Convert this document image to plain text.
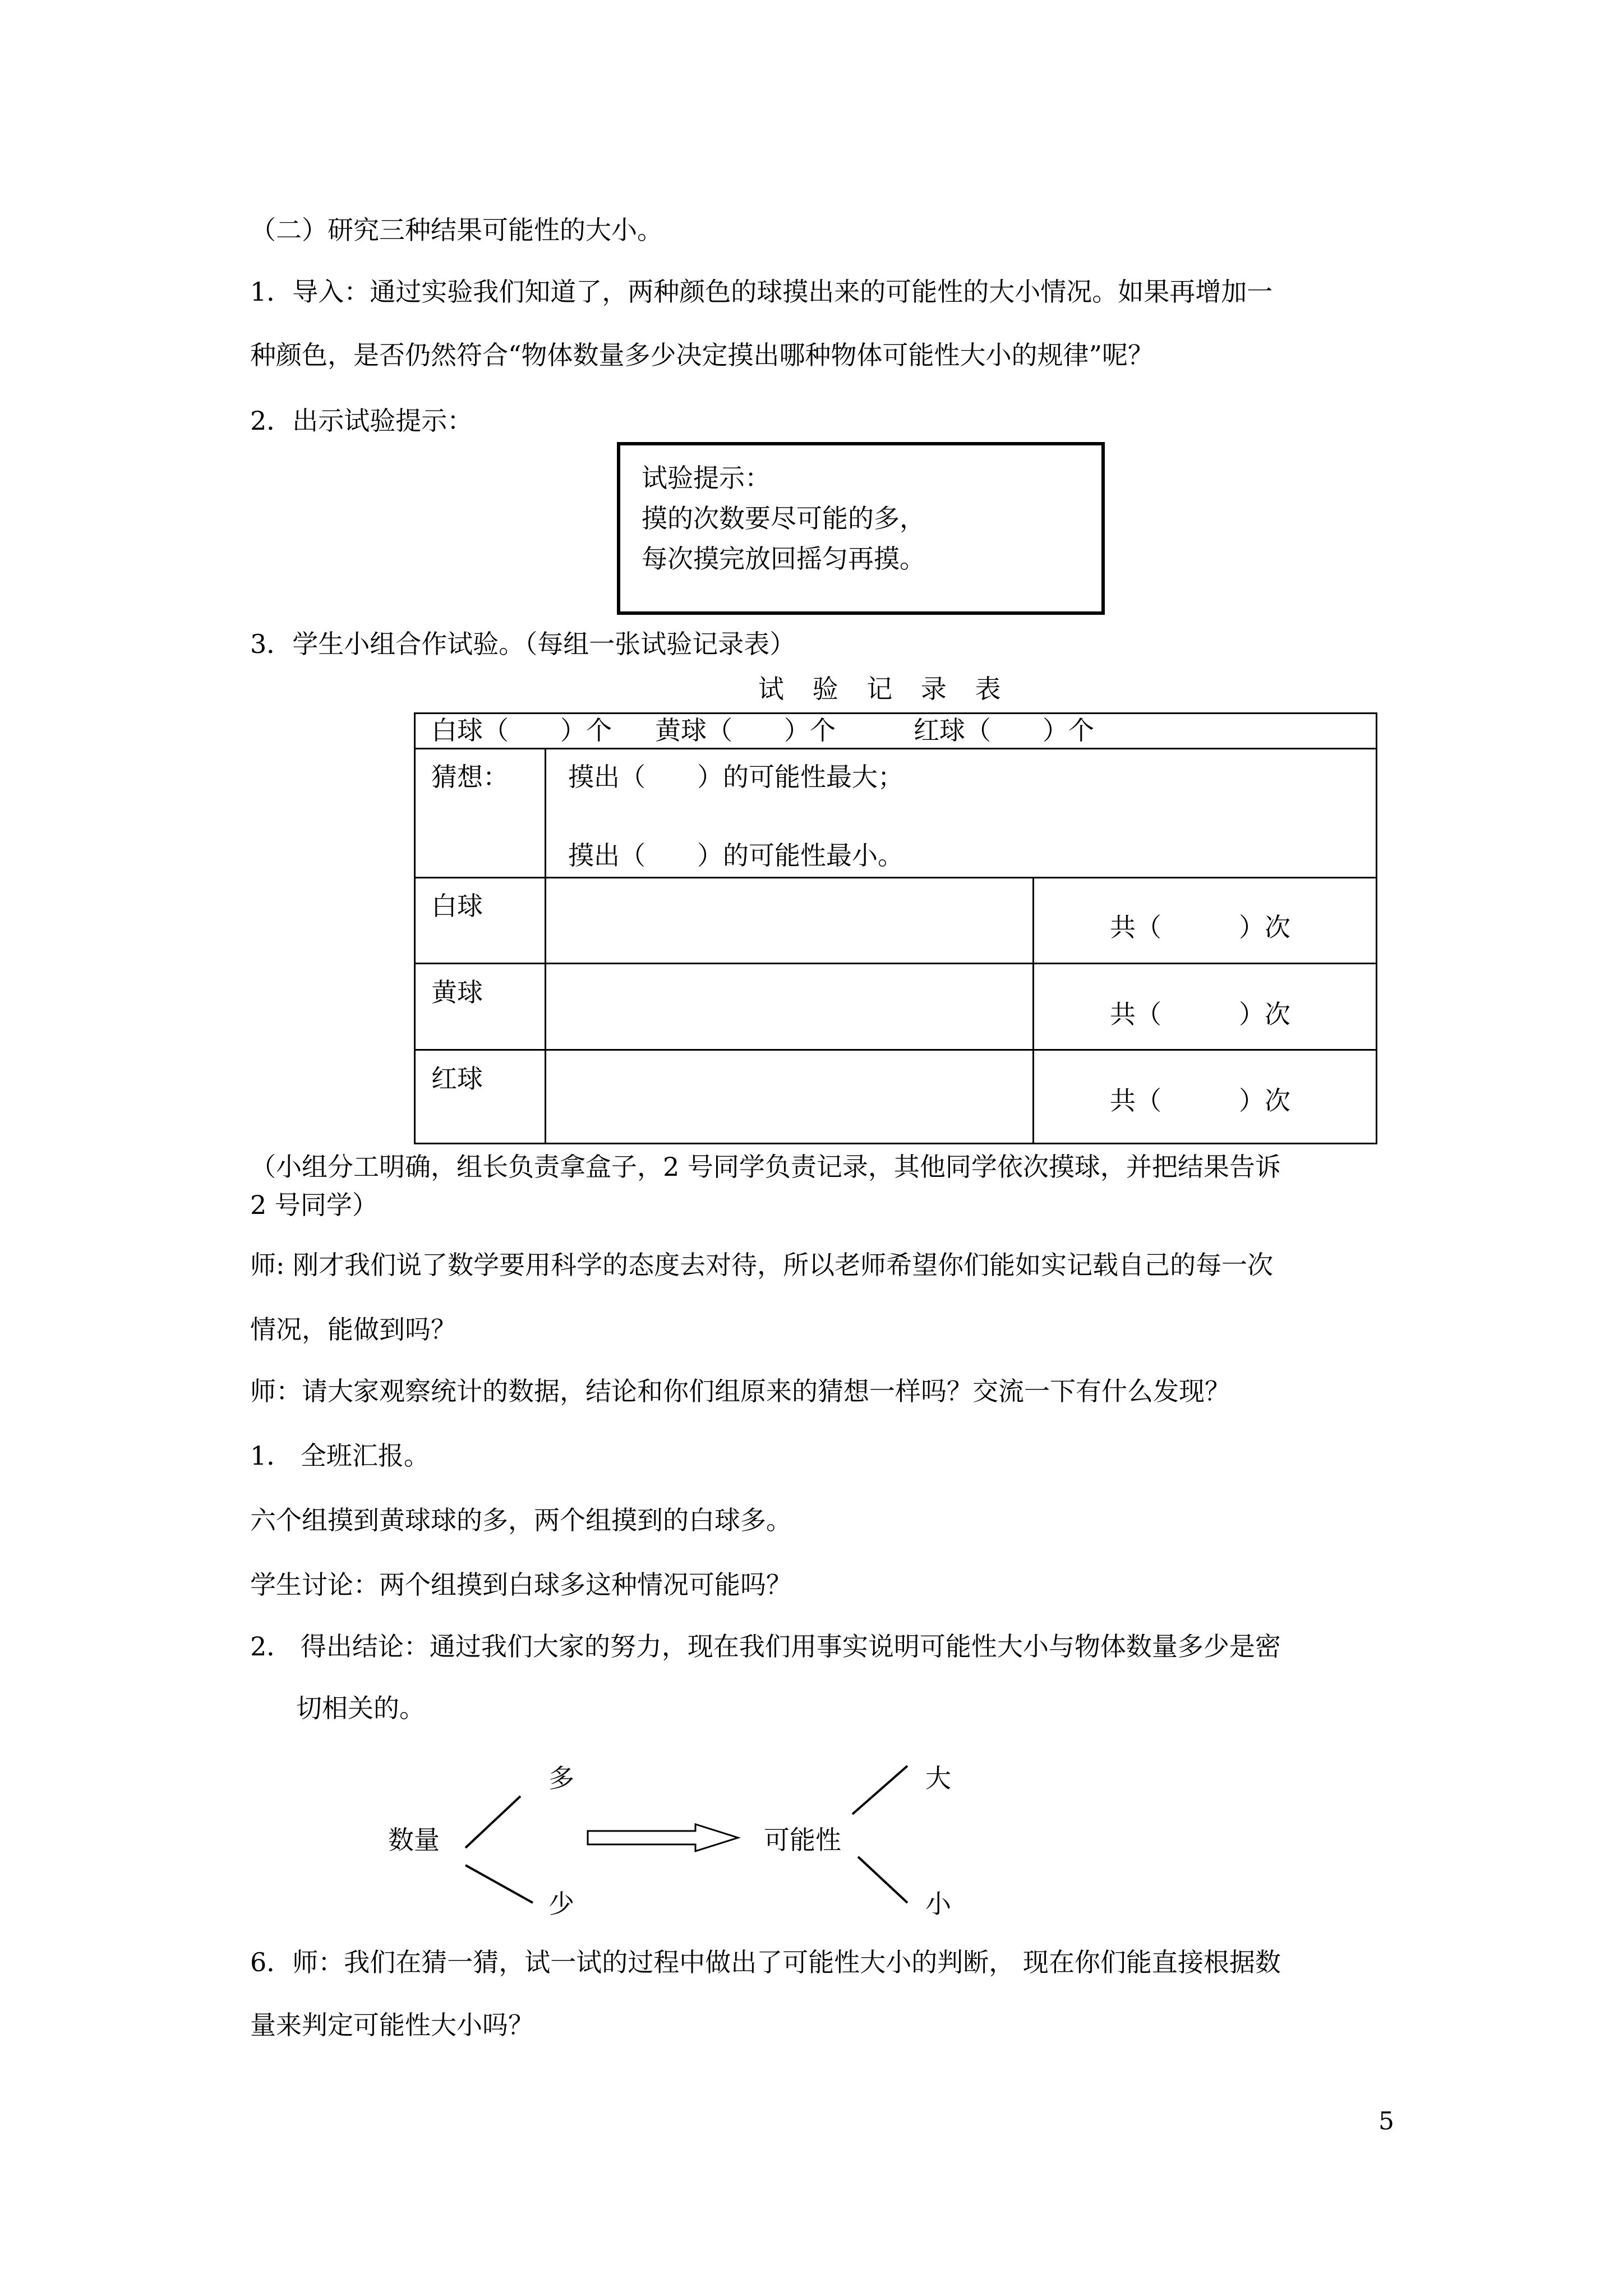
（二）研究三种结果可能性的大小。
1．导入：通过实验我们知道了，两种颜色的球摸出来的可能性的大小情况。如果再增加一
种颜色，是否仍然符合“物体数量多少决定摸出哪种物体可能性大小的规律”呢？
2．出示试验提示：
试验提示：
摸的次数要尽可能的多，
每次摸完放回摇匀再摸。
3．学生小组合作试验。（每组一张试验记录表）
试 验 记 录 表
白球（　　）个 黄球（　　）个	红球（　　）个
猜想： 摸出（　　）的可能性最大；
摸出（　　）的可能性最小。
白球
共（　　　）次
黄球
共（　　　）次
红球
共（　　　）次
（小组分工明确，组长负责拿盒子，2 号同学负责记录，其他同学依次摸球，并把结果告诉
2 号同学）
师: 刚才我们说了数学要用科学的态度去对待，所以老师希望你们能如实记载自己的每一次
情况，能做到吗？
师：请大家观察统计的数据，结论和你们组原来的猜想一样吗？交流一下有什么发现？
1． 全班汇报。
六个组摸到黄球球的多，两个组摸到的白球多。
学生讨论：两个组摸到白球多这种情况可能吗？
2． 得出结论：通过我们大家的努力，现在我们用事实说明可能性大小与物体数量多少是密
切相关的。
数量
多
少
可能性
大
小
6．师：我们在猜一猜，试一试的过程中做出了可能性大小的判断， 现在你们能直接根据数
量来判定可能性大小吗？
5
